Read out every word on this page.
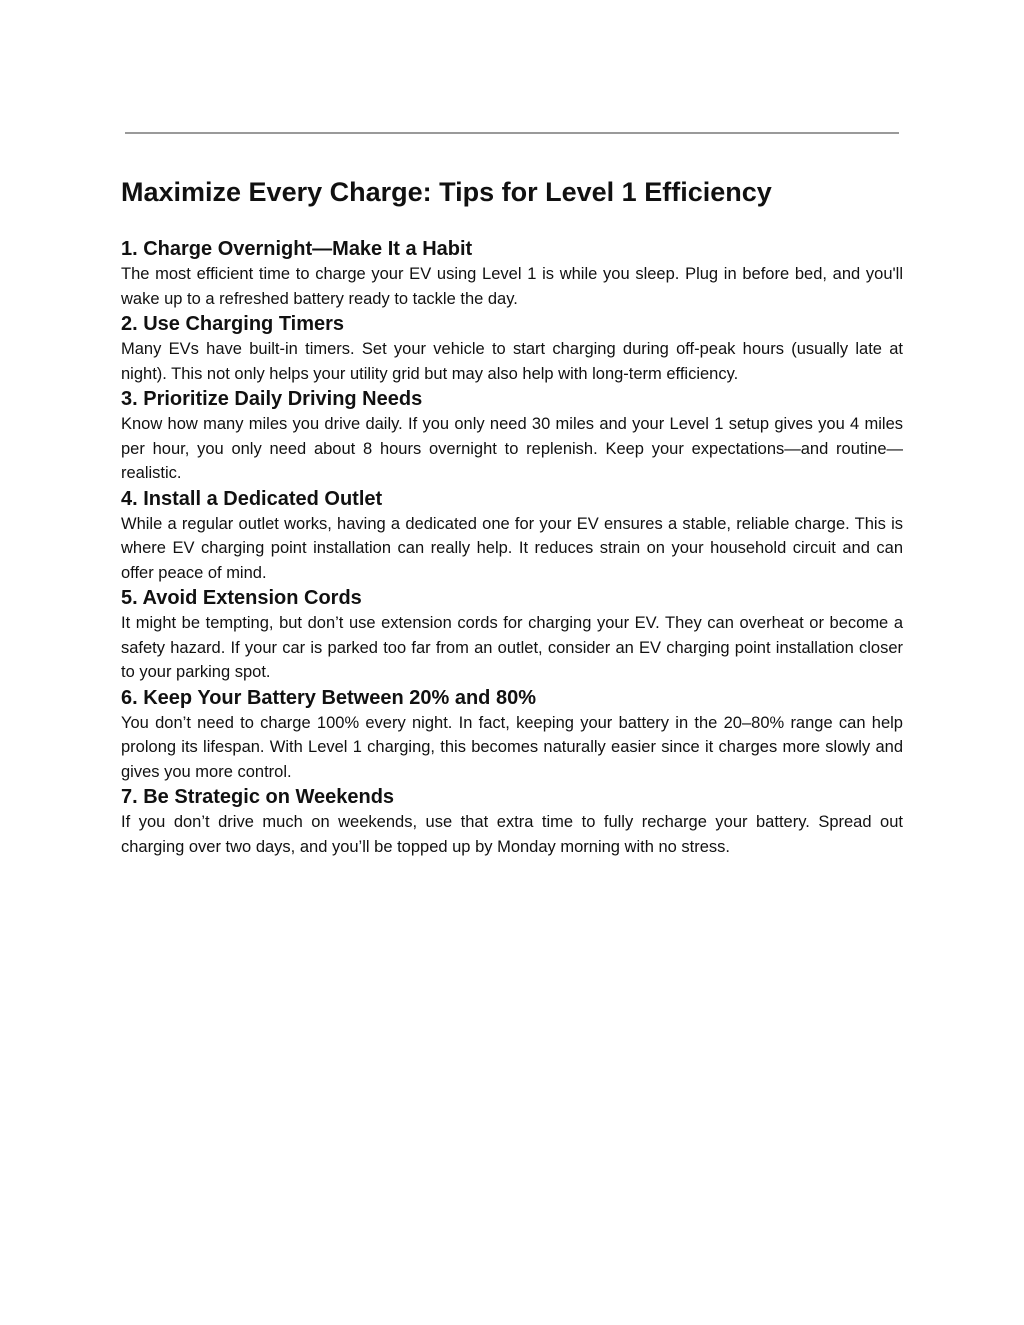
Maximize Every Charge: Tips for Level 1 Efficiency
1. Charge Overnight—Make It a Habit

The most efficient time to charge your EV using Level 1 is while you sleep. Plug in before bed, and you'll wake up to a refreshed battery ready to tackle the day.

2. Use Charging Timers

Many EVs have built-in timers. Set your vehicle to start charging during off-peak hours (usually late at night). This not only helps your utility grid but may also help with long-term efficiency.

3. Prioritize Daily Driving Needs

Know how many miles you drive daily. If you only need 30 miles and your Level 1 setup gives you 4 miles per hour, you only need about 8 hours overnight to replenish. Keep your expectations—and routine—realistic.

4. Install a Dedicated Outlet

While a regular outlet works, having a dedicated one for your EV ensures a stable, reliable charge. This is where EV charging point installation can really help. It reduces strain on your household circuit and can offer peace of mind.

5. Avoid Extension Cords

It might be tempting, but don’t use extension cords for charging your EV. They can overheat or become a safety hazard. If your car is parked too far from an outlet, consider an EV charging point installation closer to your parking spot.

6. Keep Your Battery Between 20% and 80%

You don’t need to charge 100% every night. In fact, keeping your battery in the 20–80% range can help prolong its lifespan. With Level 1 charging, this becomes naturally easier since it charges more slowly and gives you more control.

7. Be Strategic on Weekends

If you don’t drive much on weekends, use that extra time to fully recharge your battery. Spread out charging over two days, and you’ll be topped up by Monday morning with no stress.
